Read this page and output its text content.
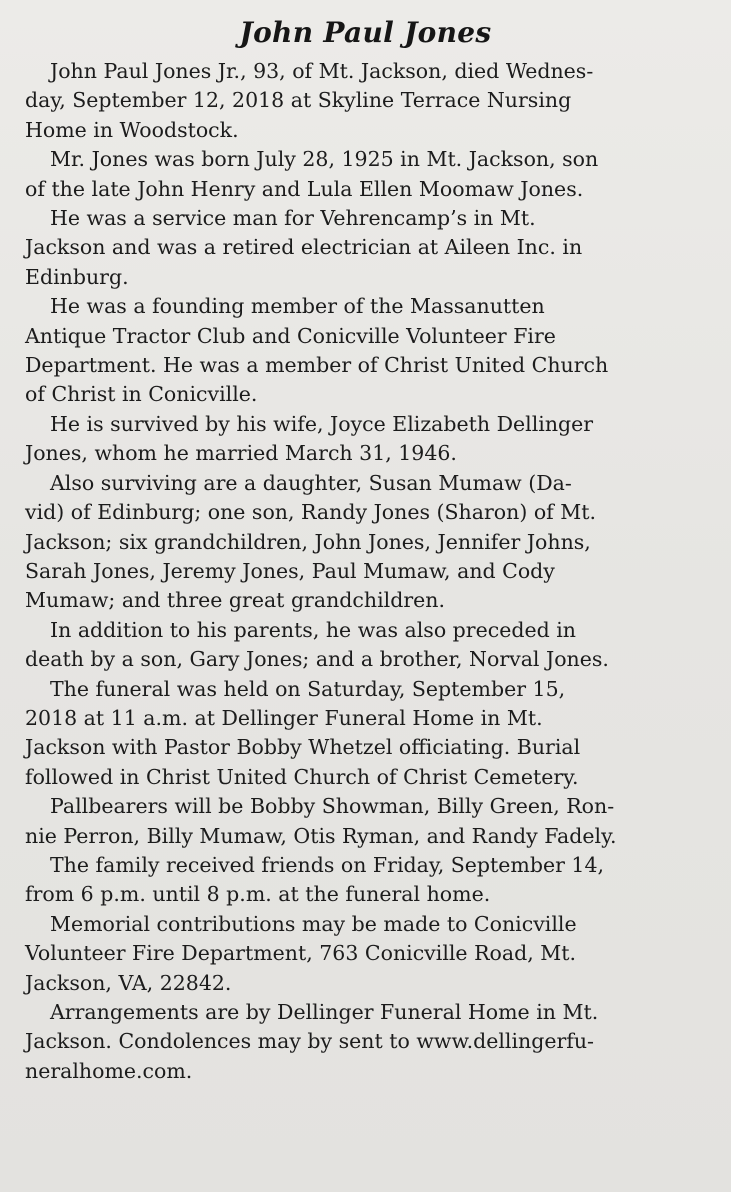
John Paul Jones

John Paul Jones Jr., 93, of Mt. Jackson, died Wednes-
day, September 12, 2018 at Skyline Terrace Nursing
Home in Woodstock.

Mr. Jones was born July 28, 1925 in Mt. Jackson, son
of the late John Henry and Lula Ellen Moomaw Jones.

He was a service man for Vehrencamp’s in Mt.
Jackson and was a retired electrician at Aileen Inc. in
Edinburg.

He was a founding member of the Massanutten
Antique Tractor Club and Conicville Volunteer Fire
Department. He was a member of Christ United Church
of Christ in Conicville.

He is survived by his wife, Joyce Elizabeth Dellinger
Jones, whom he married March 31, 1946.

Also surviving are a daughter, Susan Mumaw (Da-
vid) of Edinburg; one son, Randy Jones (Sharon) of Mt.
Jackson; six grandchildren, John Jones, Jennifer Johns,
Sarah Jones, Jeremy Jones, Paul Mumaw, and Cody
Mumaw; and three great grandchildren.

In addition to his parents, he was also preceded in
death by a son, Gary Jones; and a brother, Norval Jones.

The funeral was held on Saturday, September 15,
2018 at 11 a.m. at Dellinger Funeral Home in Mt.
Jackson with Pastor Bobby Whetzel officiating. Burial
followed in Christ United Church of Christ Cemetery.

Pallbearers will be Bobby Showman, Billy Green, Ron-
nie Perron, Billy Mumaw, Otis Ryman, and Randy Fadely.

The family received friends on Friday, September 14,
from 6 p.m. until 8 p.m. at the funeral home.

Memorial contributions may be made to Conicville
Volunteer Fire Department, 763 Conicville Road, Mt.
Jackson, VA, 22842.

Arrangements are by Dellinger Funeral Home in Mt.
Jackson. Condolences may by sent to www.dellingerfu-
neralhome.com.
